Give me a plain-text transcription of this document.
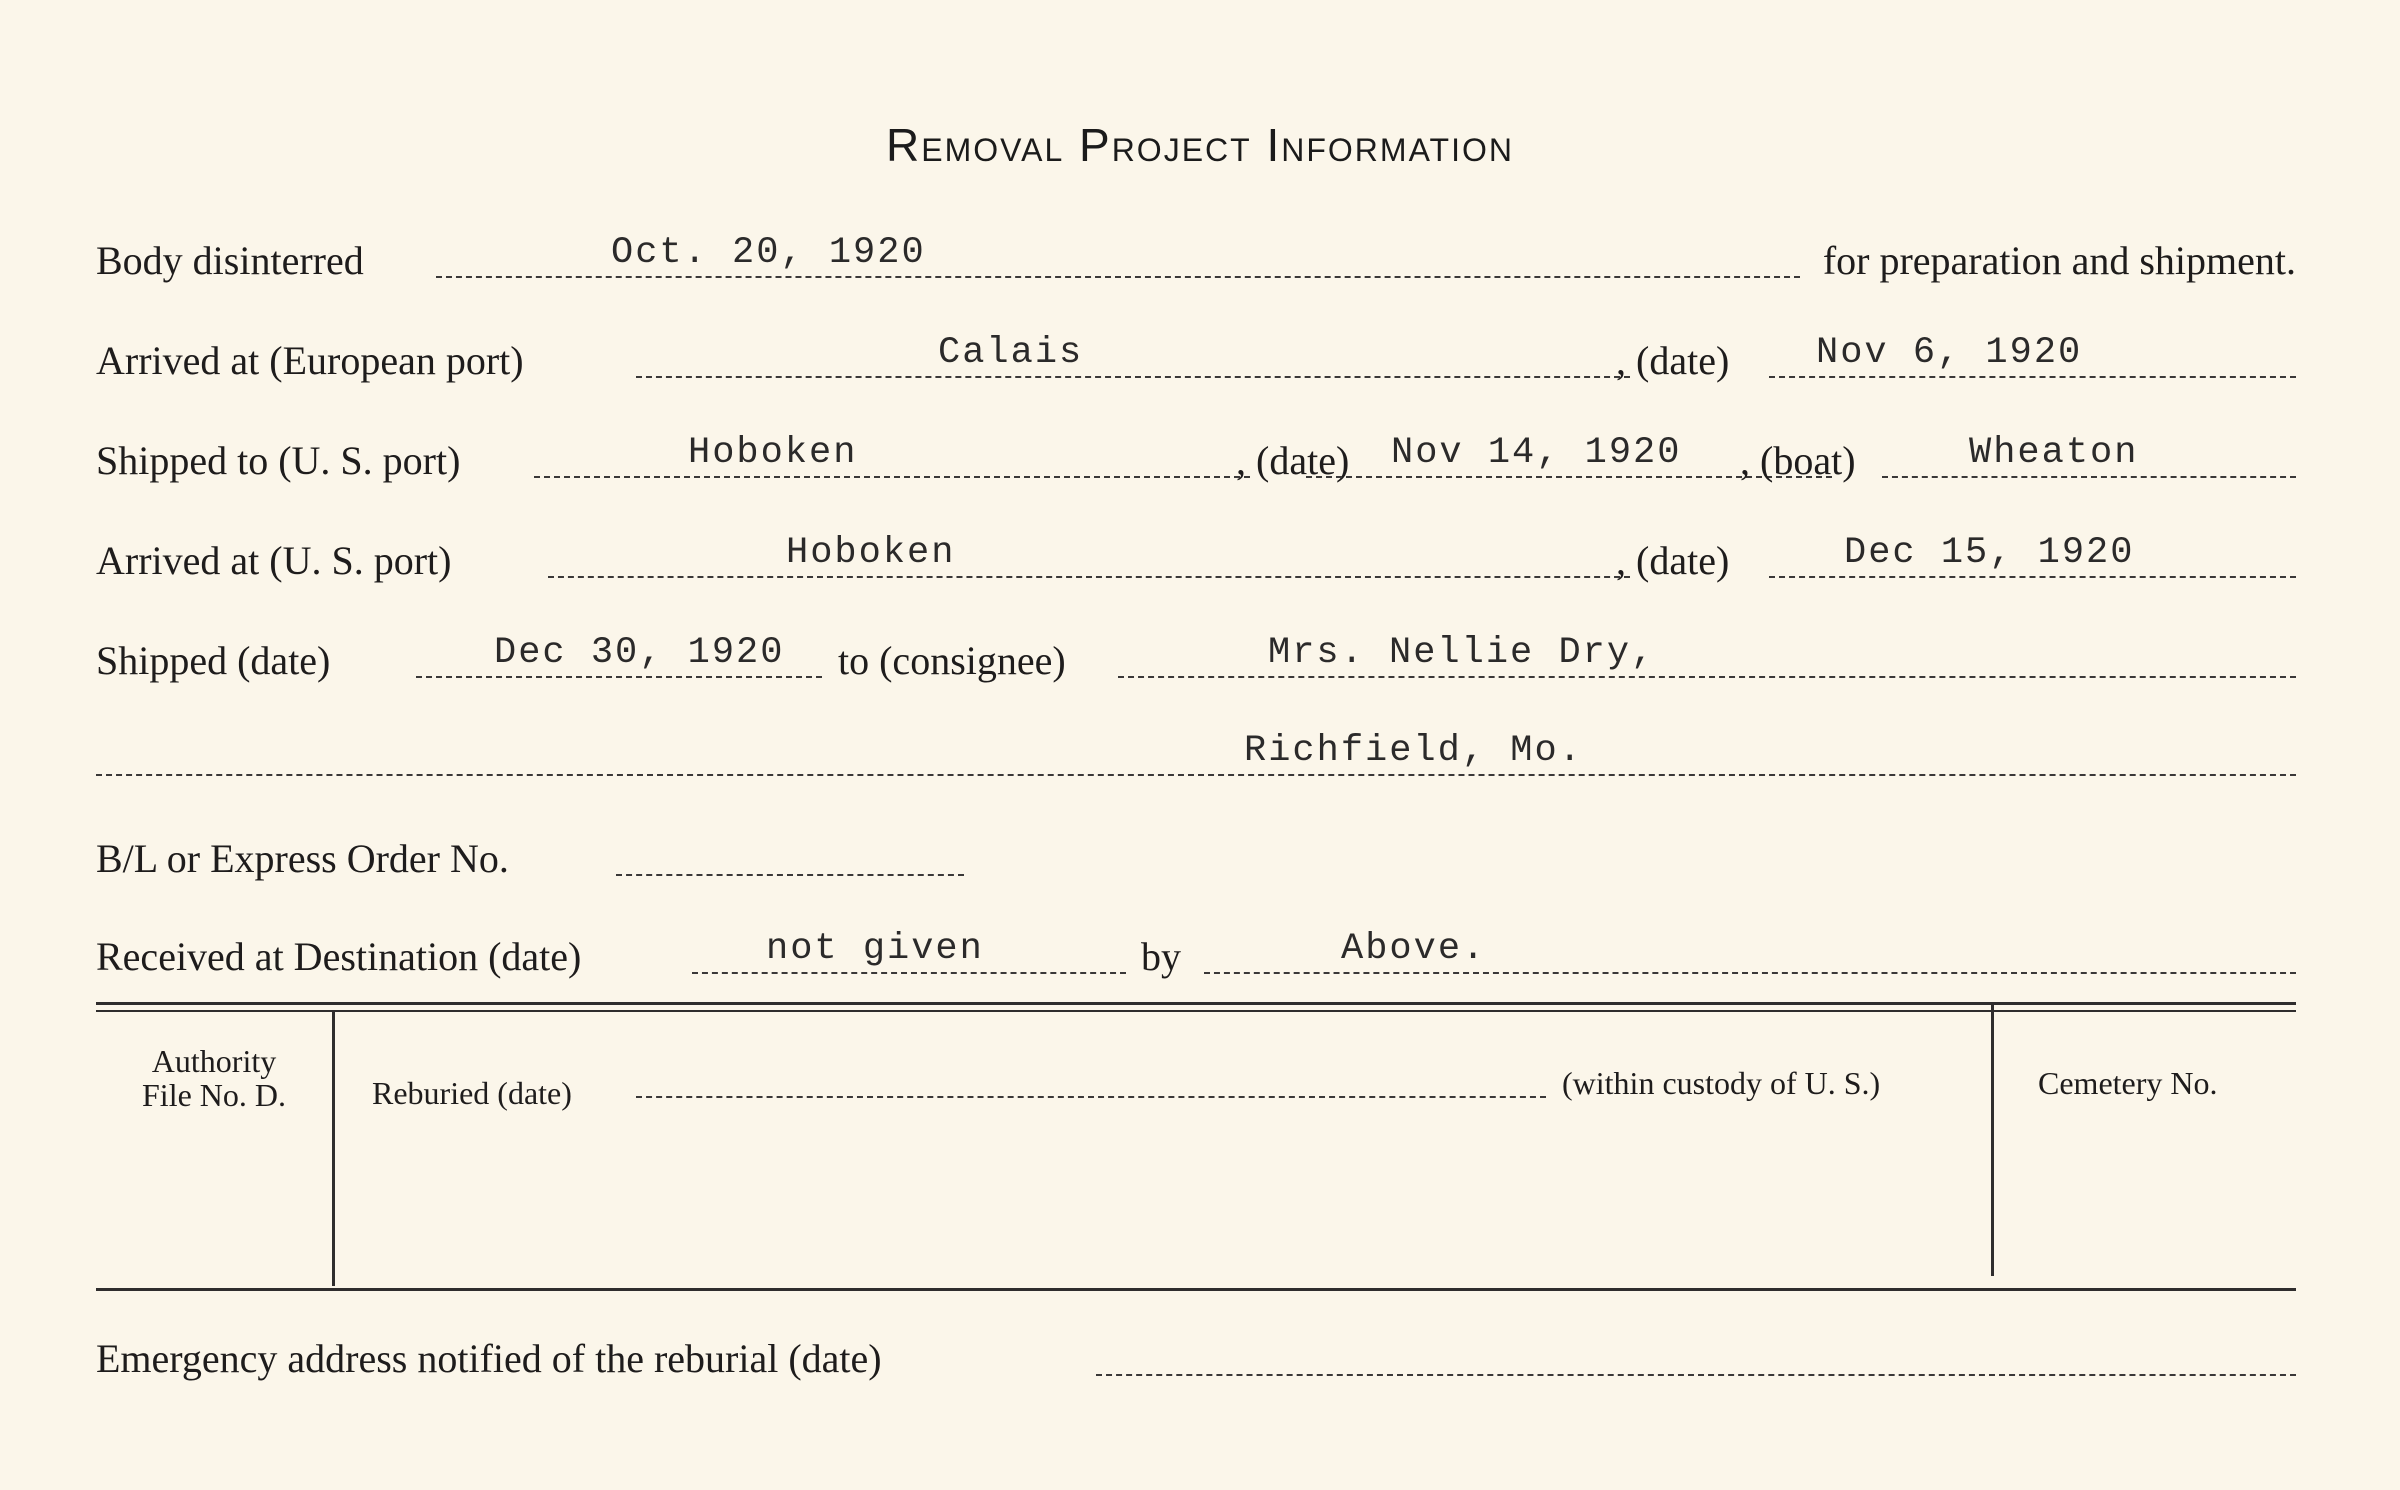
Removal Project Information
Body disinterred	Oct. 20, 1920	for preparation and shipment.
Arrived at (European port)	Calais	, (date) Nov 6, 1920
Shipped to (U. S. port)	Hoboken	, (date) Nov 14, 1920 , (boat)	Wheaton
Arrived at (U. S. port)	Hoboken	, (date)	Dec 15, 1920
Shipped (date)	Dec 30, 1920 to (consignee)	Mrs. Nellie Dry,
Richfield, Mo.
B/L or Express Order No.
Received at Destination (date)	not given	by	Above.
Authority
File No. D.	Reburied (date)	(within custody of U. S.)	Cemetery No.
Emergency address notified of the reburial (date)
